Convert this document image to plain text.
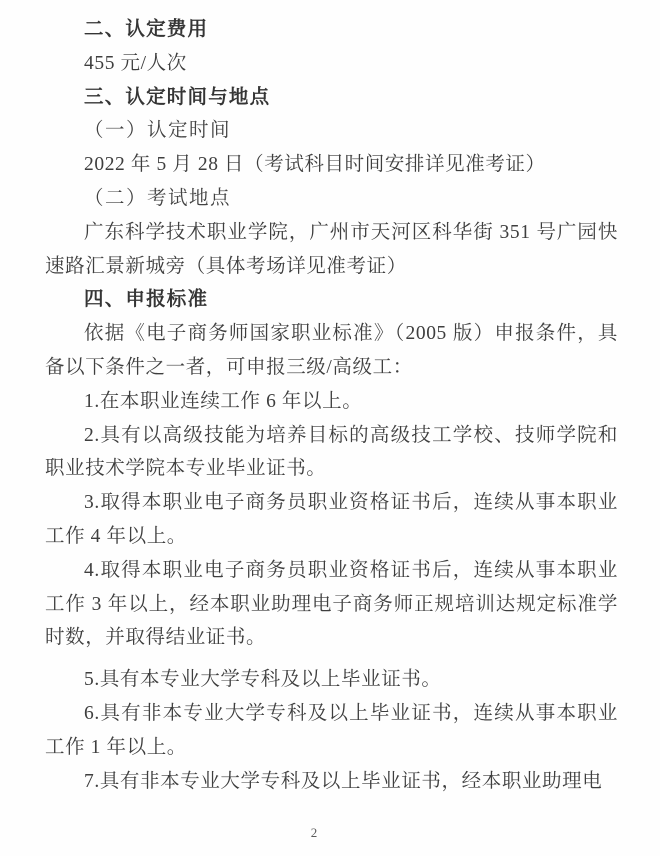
二、认定费用

455 元/人次

三、认定时间与地点

（一）认定时间

2022 年 5 月 28 日（考试科目时间安排详见准考证）

（二）考试地点

广东科学技术职业学院，广州市天河区科华街 351 号广园快速路汇景新城旁（具体考场详见准考证）

四、申报标准

依据《电子商务师国家职业标准》（2005 版）申报条件，具备以下条件之一者，可申报三级/高级工：

1.在本职业连续工作 6 年以上。

2.具有以高级技能为培养目标的高级技工学校、技师学院和职业技术学院本专业毕业证书。

3.取得本职业电子商务员职业资格证书后，连续从事本职业工作 4 年以上。

4.取得本职业电子商务员职业资格证书后，连续从事本职业工作 3 年以上，经本职业助理电子商务师正规培训达规定标准学时数，并取得结业证书。

5.具有本专业大学专科及以上毕业证书。

6.具有非本专业大学专科及以上毕业证书，连续从事本职业工作 1 年以上。

7.具有非本专业大学专科及以上毕业证书，经本职业助理电

2
